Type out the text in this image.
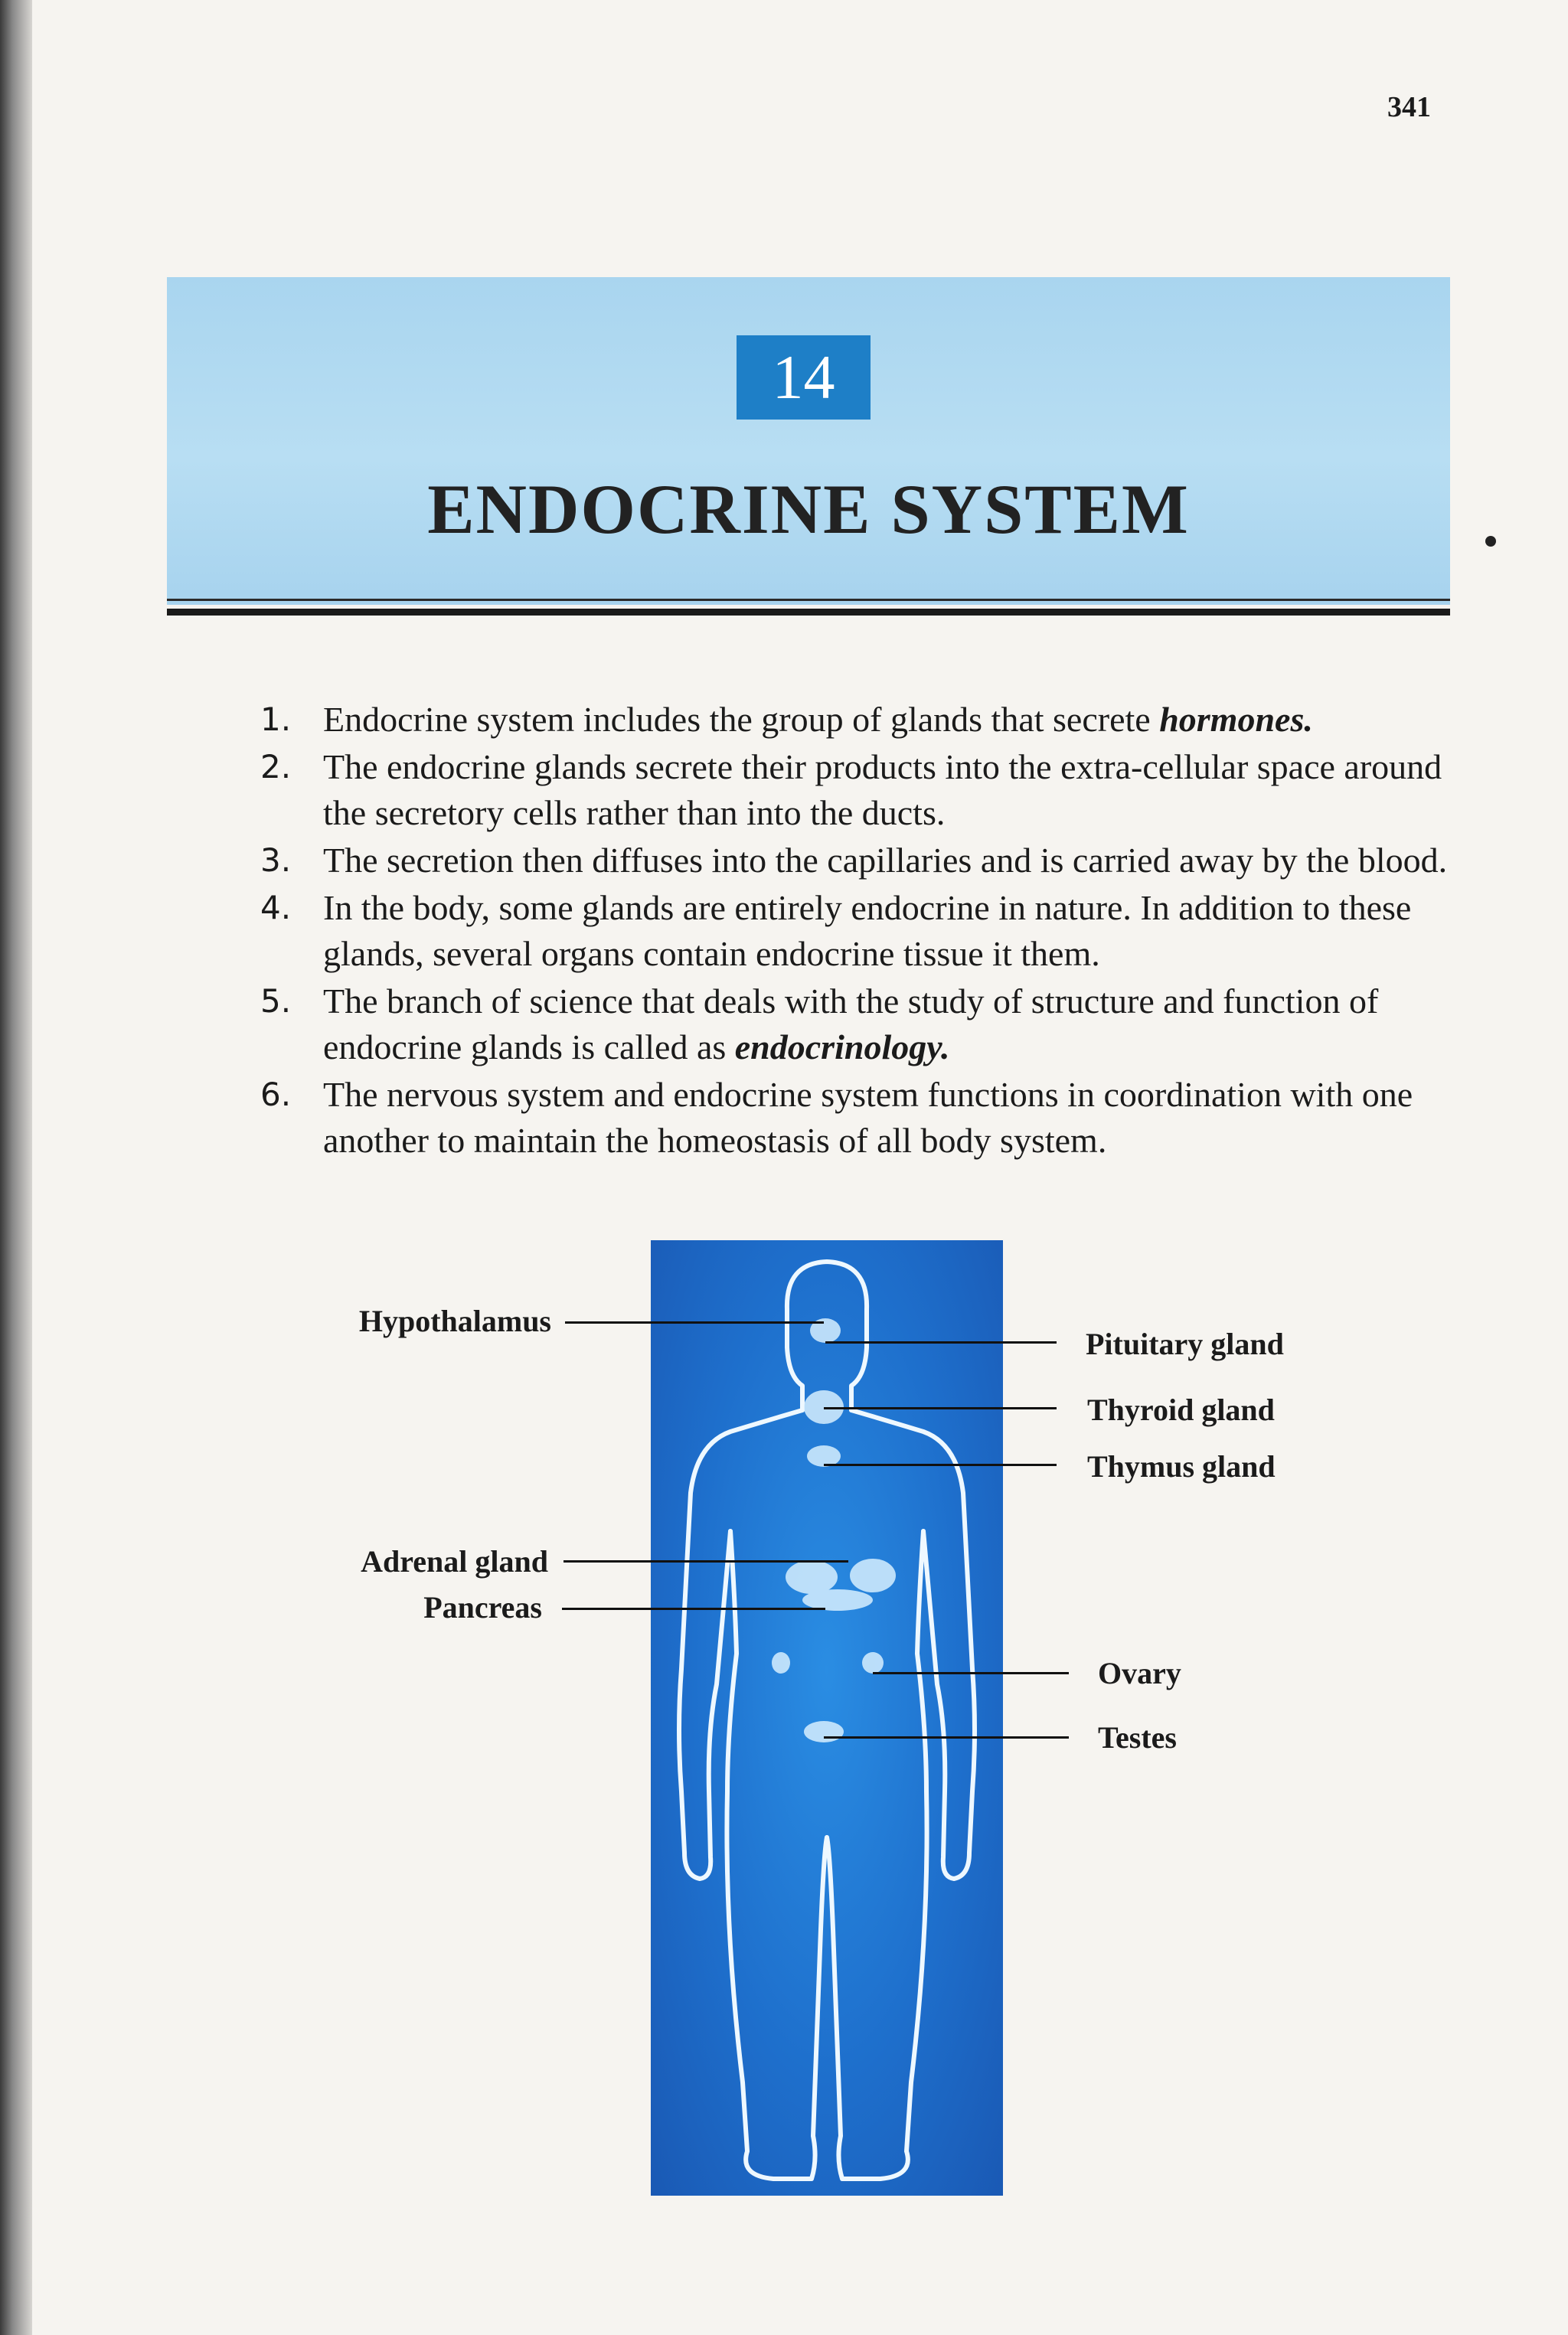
341
14
ENDOCRINE SYSTEM
1. Endocrine system includes the group of glands that secrete hormones.
2. The endocrine glands secrete their products into the extra-cellular space around the secretory cells rather than into the ducts.
3. The secretion then diffuses into the capillaries and is carried away by the blood.
4. In the body, some glands are entirely endocrine in nature. In addition to these glands, several organs contain endocrine tissue it them.
5. The branch of science that deals with the study of structure and function of endocrine glands is called as endocrinology.
6. The nervous system and endocrine system functions in coordination with one another to maintain the homeostasis of all body system.
Hypothalamus
Adrenal gland
Pancreas
Pituitary gland
Thyroid gland
Thymus gland
Ovary
Testes
